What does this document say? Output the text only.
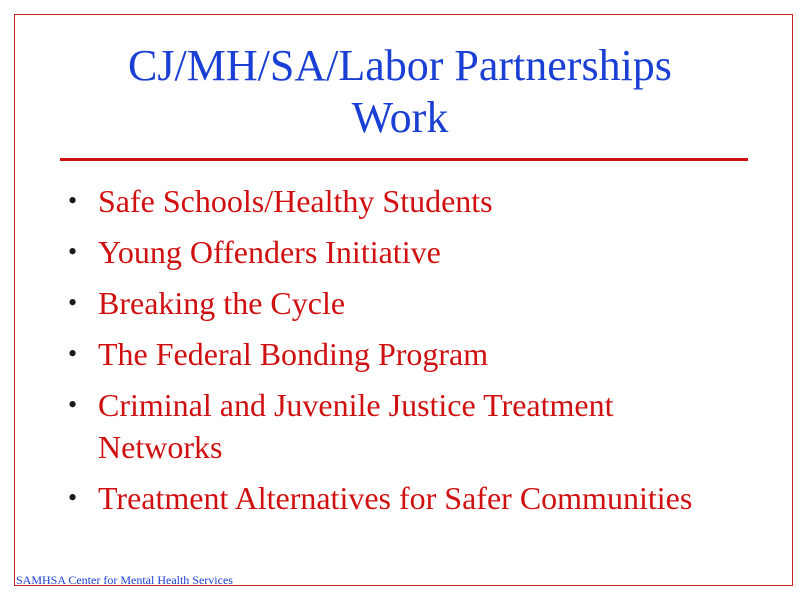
CJ/MH/SA/Labor Partnerships
Work
• Safe Schools/Healthy Students
• Young Offenders Initiative
• Breaking the Cycle
• The Federal Bonding Program
• Criminal and Juvenile Justice Treatment Networks
• Treatment Alternatives for Safer Communities
SAMHSA Center for Mental Health Services
